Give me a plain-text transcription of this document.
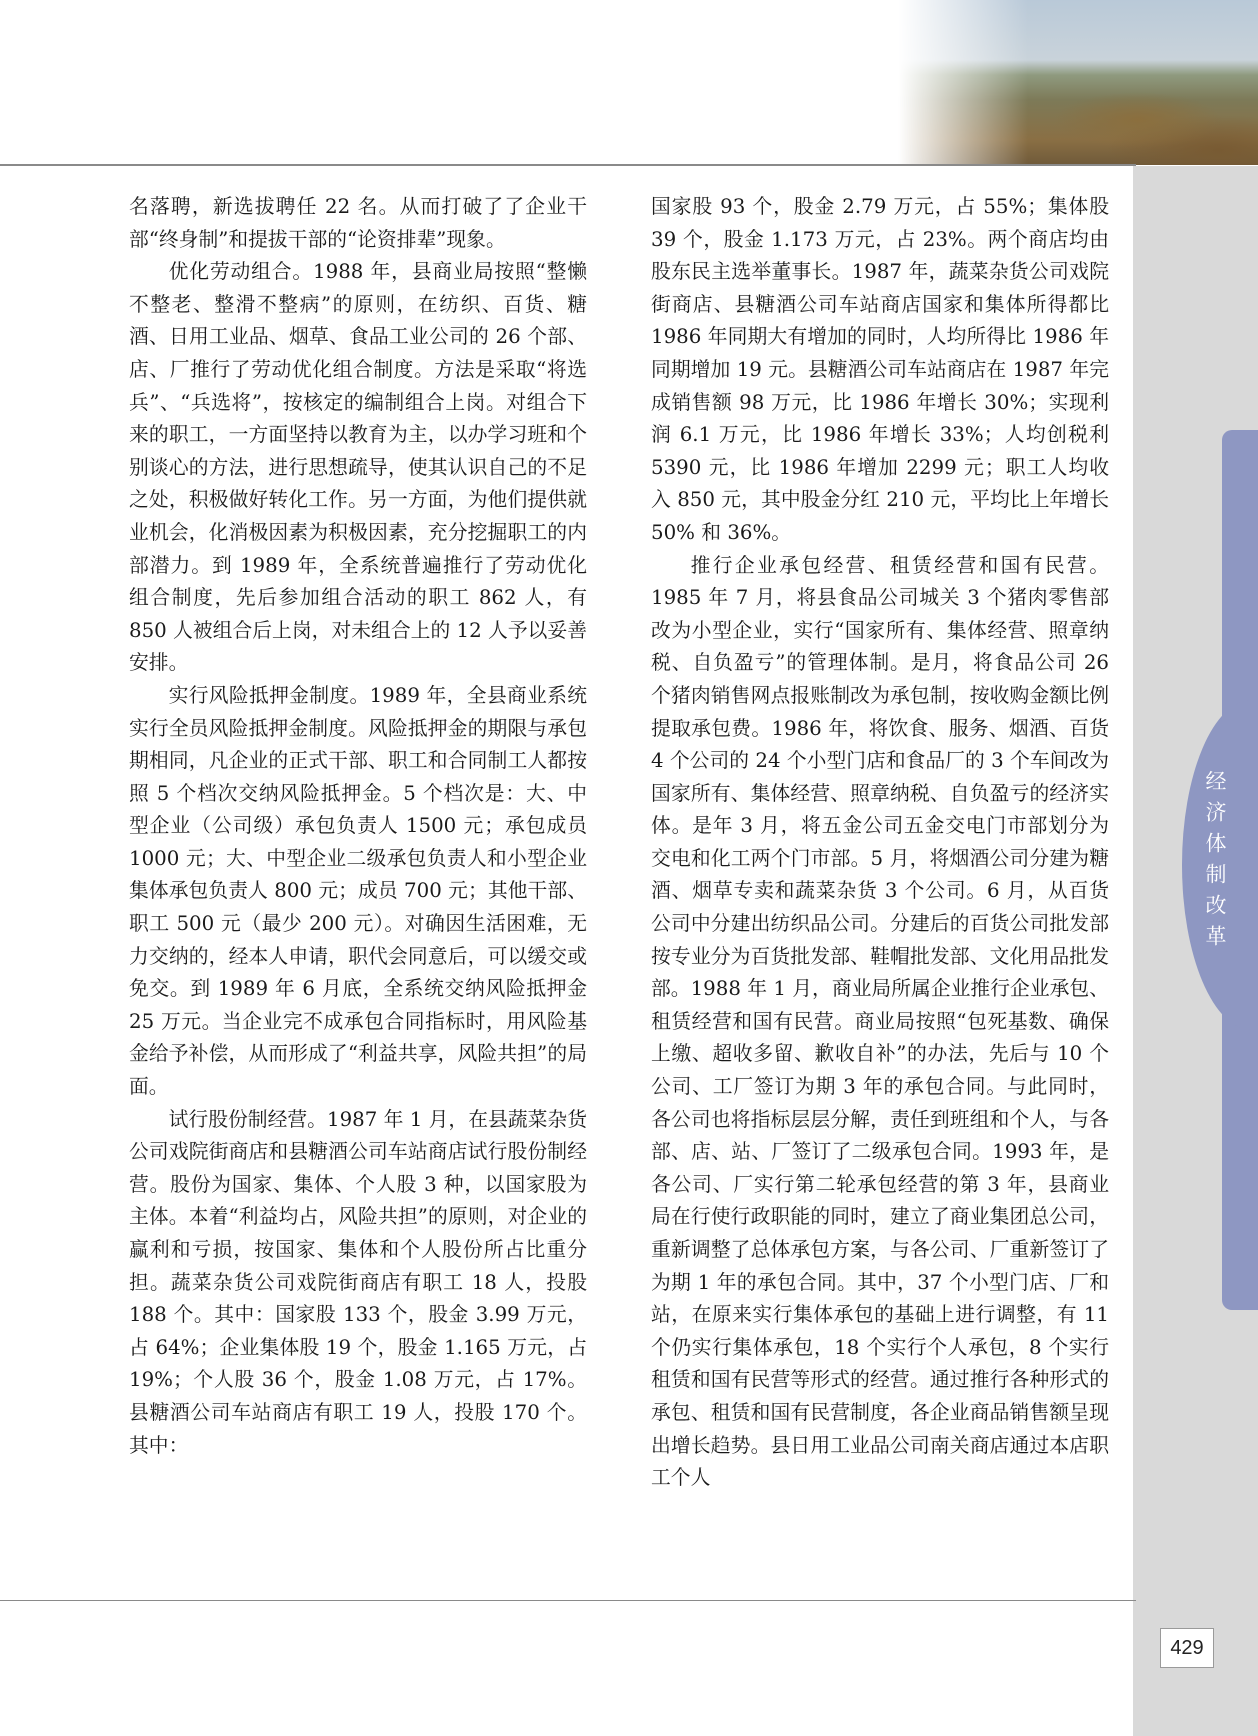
经济体制改革

名落聘，新选拔聘任 22 名。从而打破了了企业干部“终身制”和提拔干部的“论资排辈”现象。

优化劳动组合。1988 年，县商业局按照“整懒不整老、整滑不整病”的原则，在纺织、百货、糖酒、日用工业品、烟草、食品工业公司的 26 个部、店、厂推行了劳动优化组合制度。方法是采取“将选兵”、“兵选将”，按核定的编制组合上岗。对组合下来的职工，一方面坚持以教育为主，以办学习班和个别谈心的方法，进行思想疏导，使其认识自己的不足之处，积极做好转化工作。另一方面，为他们提供就业机会，化消极因素为积极因素，充分挖掘职工的内部潜力。到 1989 年，全系统普遍推行了劳动优化组合制度，先后参加组合活动的职工 862 人，有 850 人被组合后上岗，对未组合上的 12 人予以妥善安排。

实行风险抵押金制度。1989 年，全县商业系统实行全员风险抵押金制度。风险抵押金的期限与承包期相同，凡企业的正式干部、职工和合同制工人都按照 5 个档次交纳风险抵押金。5 个档次是：大、中型企业（公司级）承包负责人 1500 元；承包成员 1000 元；大、中型企业二级承包负责人和小型企业集体承包负责人 800 元；成员 700 元；其他干部、职工 500 元（最少 200 元）。对确因生活困难，无力交纳的，经本人申请，职代会同意后，可以缓交或免交。到 1989 年 6 月底，全系统交纳风险抵押金 25 万元。当企业完不成承包合同指标时，用风险基金给予补偿，从而形成了“利益共享，风险共担”的局面。

试行股份制经营。1987 年 1 月，在县蔬菜杂货公司戏院街商店和县糖酒公司车站商店试行股份制经营。股份为国家、集体、个人股 3 种，以国家股为主体。本着“利益均占，风险共担”的原则，对企业的赢利和亏损，按国家、集体和个人股份所占比重分担。蔬菜杂货公司戏院街商店有职工 18 人，投股 188 个。其中：国家股 133 个，股金 3.99 万元，占 64%；企业集体股 19 个，股金 1.165 万元，占 19%；个人股 36 个，股金 1.08 万元，占 17%。县糖酒公司车站商店有职工 19 人，投股 170 个。其中：

国家股 93 个，股金 2.79 万元，占 55%；集体股 39 个，股金 1.173 万元，占 23%。两个商店均由股东民主选举董事长。1987 年，蔬菜杂货公司戏院街商店、县糖酒公司车站商店国家和集体所得都比 1986 年同期大有增加的同时，人均所得比 1986 年同期增加 19 元。县糖酒公司车站商店在 1987 年完成销售额 98 万元，比 1986 年增长 30%；实现利润 6.1 万元，比 1986 年增长 33%；人均创税利 5390 元，比 1986 年增加 2299 元；职工人均收入 850 元，其中股金分红 210 元，平均比上年增长 50% 和 36%。

推行企业承包经营、租赁经营和国有民营。1985 年 7 月，将县食品公司城关 3 个猪肉零售部改为小型企业，实行“国家所有、集体经营、照章纳税、自负盈亏”的管理体制。是月，将食品公司 26 个猪肉销售网点报账制改为承包制，按收购金额比例提取承包费。1986 年，将饮食、服务、烟酒、百货 4 个公司的 24 个小型门店和食品厂的 3 个车间改为国家所有、集体经营、照章纳税、自负盈亏的经济实体。是年 3 月，将五金公司五金交电门市部划分为交电和化工两个门市部。5 月，将烟酒公司分建为糖酒、烟草专卖和蔬菜杂货 3 个公司。6 月，从百货公司中分建出纺织品公司。分建后的百货公司批发部按专业分为百货批发部、鞋帽批发部、文化用品批发部。1988 年 1 月，商业局所属企业推行企业承包、租赁经营和国有民营。商业局按照“包死基数、确保上缴、超收多留、歉收自补”的办法，先后与 10 个公司、工厂签订为期 3 年的承包合同。与此同时，各公司也将指标层层分解，责任到班组和个人，与各部、店、站、厂签订了二级承包合同。1993 年，是各公司、厂实行第二轮承包经营的第 3 年，县商业局在行使行政职能的同时，建立了商业集团总公司，重新调整了总体承包方案，与各公司、厂重新签订了为期 1 年的承包合同。其中，37 个小型门店、厂和站，在原来实行集体承包的基础上进行调整，有 11 个仍实行集体承包，18 个实行个人承包，8 个实行租赁和国有民营等形式的经营。通过推行各种形式的承包、租赁和国有民营制度，各企业商品销售额呈现出增长趋势。县日用工业品公司南关商店通过本店职工个人

429
